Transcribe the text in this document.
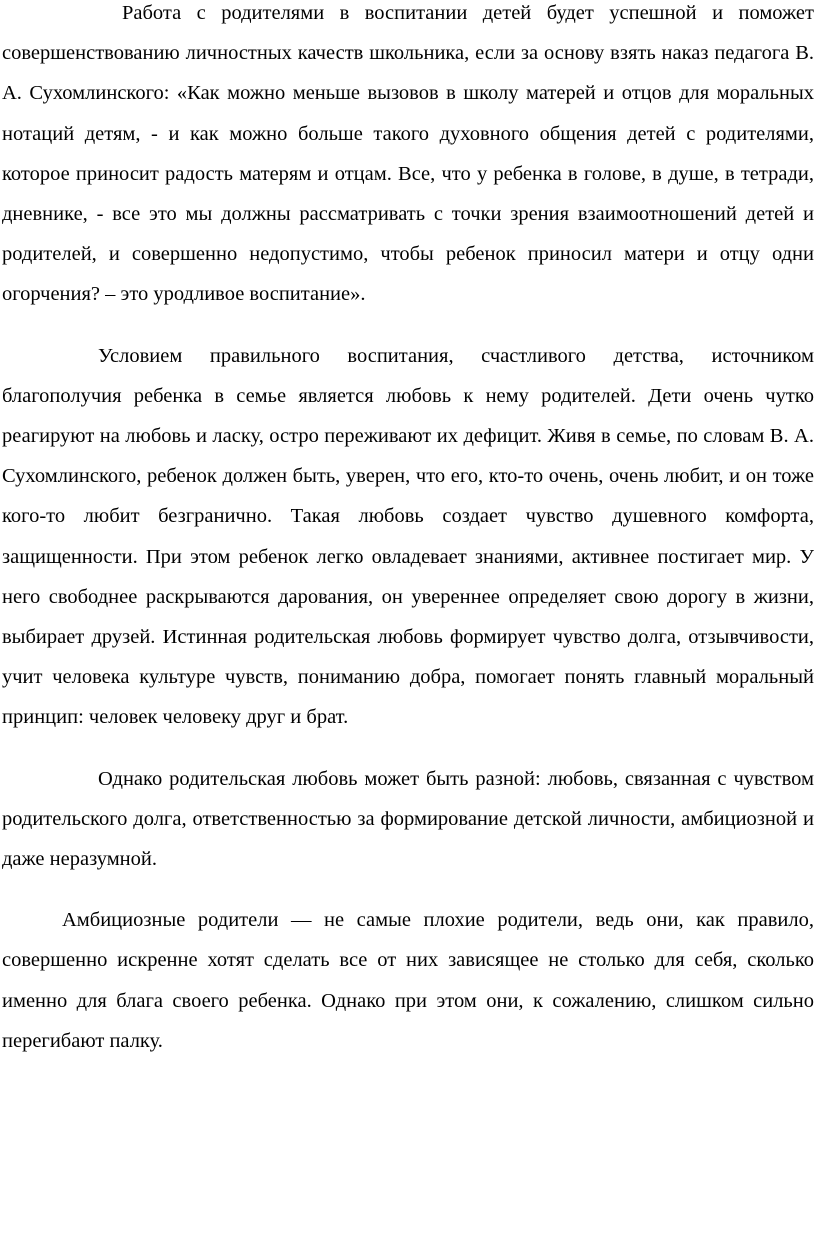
Работа с родителями в воспитании детей будет успешной и поможет совершенствованию личностных качеств школьника, если за основу взять наказ педагога В. А. Сухомлинского: «Как можно меньше вызовов в школу матерей и отцов для моральных нотаций детям, - и как можно больше такого духовного общения детей с родителями, которое приносит радость матерям и отцам. Все, что у ребенка в голове, в душе, в тетради, дневнике, - все это мы должны рассматривать с точки зрения взаимоотношений детей и родителей, и совершенно недопустимо, чтобы ребенок приносил матери и отцу одни огорчения? – это уродливое воспитание».

Условием правильного воспитания, счастливого детства, источником благополучия ребенка в семье является любовь к нему родителей. Дети очень чутко реагируют на любовь и ласку, остро переживают их дефицит. Живя в семье, по словам В. А. Сухомлинского, ребенок должен быть, уверен, что его, кто-то очень, очень любит, и он тоже кого-то любит безгранично. Такая любовь создает чувство душевного комфорта, защищенности. При этом ребенок легко овладевает знаниями, активнее постигает мир. У него свободнее раскрываются дарования, он увереннее определяет свою дорогу в жизни, выбирает друзей. Истинная родительская любовь формирует чувство долга, отзывчивости, учит человека культуре чувств, пониманию добра, помогает понять главный моральный принцип: человек человеку друг и брат.

Однако родительская любовь может быть разной: любовь, связанная с чувством родительского долга, ответственностью за формирование детской личности, амбициозной и даже неразумной.

Амбициозные родители — не самые плохие родители, ведь они, как правило, совершенно искренне хотят сделать все от них зависящее не столько для себя, сколько именно для блага своего ребенка. Однако при этом они, к сожалению, слишком сильно перегибают палку.
